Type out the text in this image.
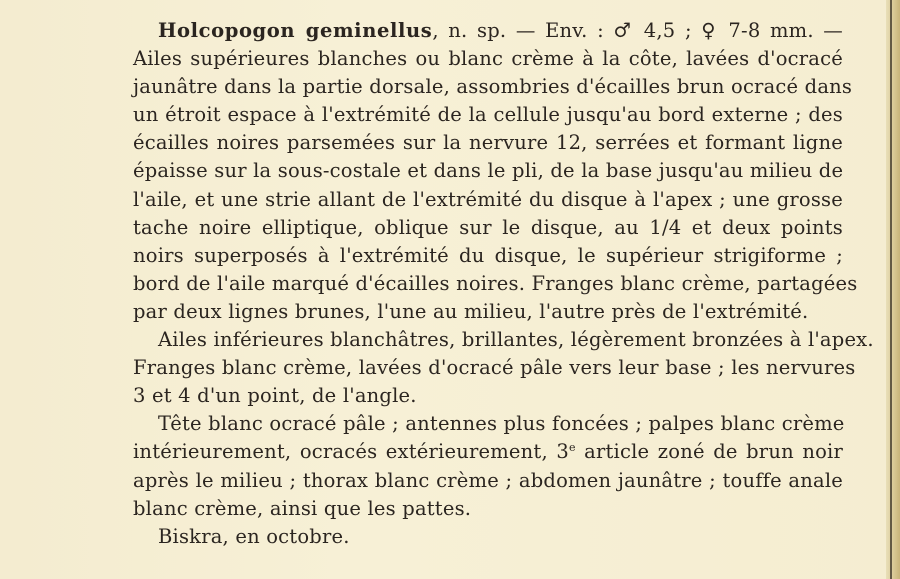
Holcopogon geminellus, n. sp. — Env. : ♂ 4,5 ; ♀ 7-8 mm. —
Ailes supérieures blanches ou blanc crème à la côte, lavées d'ocracé
jaunâtre dans la partie dorsale, assombries d'écailles brun ocracé dans
un étroit espace à l'extrémité de la cellule jusqu'au bord externe ; des
écailles noires parsemées sur la nervure 12, serrées et formant ligne
épaisse sur la sous-costale et dans le pli, de la base jusqu'au milieu de
l'aile, et une strie allant de l'extrémité du disque à l'apex ; une grosse
tache noire elliptique, oblique sur le disque, au 1/4 et deux points
noirs superposés à l'extrémité du disque, le supérieur strigiforme ;
bord de l'aile marqué d'écailles noires. Franges blanc crème, partagées
par deux lignes brunes, l'une au milieu, l'autre près de l'extrémité.
Ailes inférieures blanchâtres, brillantes, légèrement bronzées à l'apex.
Franges blanc crème, lavées d'ocracé pâle vers leur base ; les nervures
3 et 4 d'un point, de l'angle.
Tête blanc ocracé pâle ; antennes plus foncées ; palpes blanc crème
intérieurement, ocracés extérieurement, 3e article zoné de brun noir
après le milieu ; thorax blanc crème ; abdomen jaunâtre ; touffe anale
blanc crème, ainsi que les pattes.
Biskra, en octobre.
